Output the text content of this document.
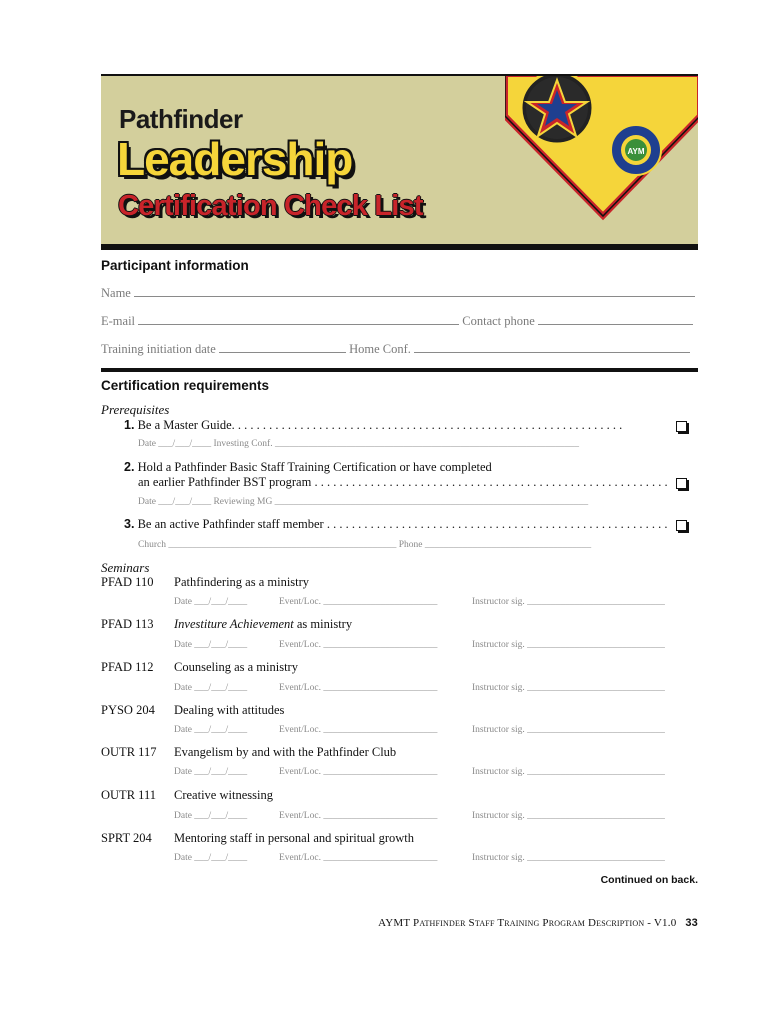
Pathfinder
Leadership
Certification Check List
AYM
Participant information
Name
E-mail	Contact phone
Training initiation date	Home Conf.
Certification requirements
Prerequisites
1. Be a Master Guide. . . . . . . . . . . . . . . . . . . . . . . . . . . . . . . . . . . . . . . . . . . . . . . . . . . . . . . . . . . . . . .
Date ___/___/____ Investing Conf. ________________________________________________________________
2. Hold a Pathfinder Basic Staff Training Certification or have completed
an earlier Pathfinder BST program . . . . . . . . . . . . . . . . . . . . . . . . . . . . . . . . . . . . . . . . . . . . . . . . . . . . . . . . .
Date ___/___/____ Reviewing MG __________________________________________________________________
3. Be an active Pathfinder staff member . . . . . . . . . . . . . . . . . . . . . . . . . . . . . . . . . . . . . . . . . . . . . . . . . . . . . . .
Church ________________________________________________ Phone ___________________________________
Seminars
PFAD 110 Pathfindering as a ministry
Date ___/___/____	Event/Loc. ________________________	Instructor sig. _____________________________
PFAD 113 Investiture Achievement as ministry
Date ___/___/____	Event/Loc. ________________________	Instructor sig. _____________________________
PFAD 112 Counseling as a ministry
Date ___/___/____	Event/Loc. ________________________	Instructor sig. _____________________________
PYSO 204 Dealing with attitudes
Date ___/___/____	Event/Loc. ________________________	Instructor sig. _____________________________
OUTR 117 Evangelism by and with the Pathfinder Club
Date ___/___/____	Event/Loc. ________________________	Instructor sig. _____________________________
OUTR 111 Creative witnessing
Date ___/___/____	Event/Loc. ________________________	Instructor sig. _____________________________
SPRT 204 Mentoring staff in personal and spiritual growth
Date ___/___/____	Event/Loc. ________________________	Instructor sig. _____________________________
Continued on back.
AYMT Pathfinder Staff Training Program Description - V1.0 33
